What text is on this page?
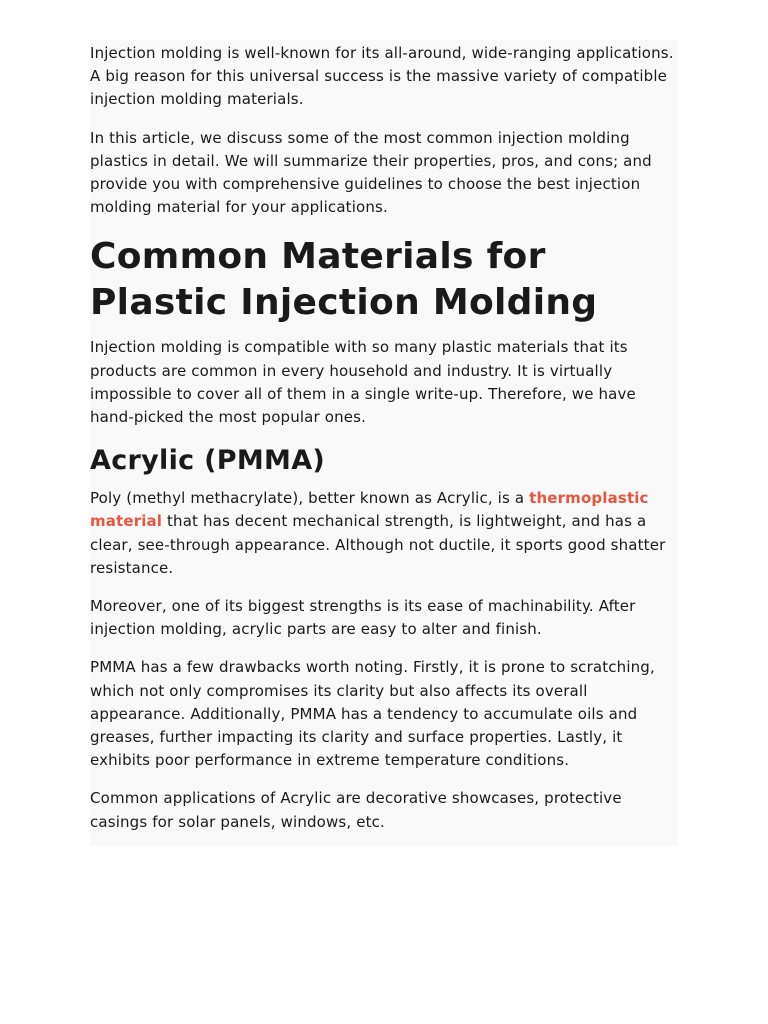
Injection molding is well-known for its all-around, wide-ranging applications. A big reason for this universal success is the massive variety of compatible injection molding materials.

In this article, we discuss some of the most common injection molding plastics in detail. We will summarize their properties, pros, and cons; and provide you with comprehensive guidelines to choose the best injection molding material for your applications.

Common Materials for Plastic Injection Molding

Injection molding is compatible with so many plastic materials that its products are common in every household and industry. It is virtually impossible to cover all of them in a single write-up. Therefore, we have hand-picked the most popular ones.

Acrylic (PMMA)

Poly (methyl methacrylate), better known as Acrylic, is a thermoplastic material that has decent mechanical strength, is lightweight, and has a clear, see-through appearance. Although not ductile, it sports good shatter resistance.

Moreover, one of its biggest strengths is its ease of machinability. After injection molding, acrylic parts are easy to alter and finish.

PMMA has a few drawbacks worth noting. Firstly, it is prone to scratching, which not only compromises its clarity but also affects its overall appearance. Additionally, PMMA has a tendency to accumulate oils and greases, further impacting its clarity and surface properties. Lastly, it exhibits poor performance in extreme temperature conditions.

Common applications of Acrylic are decorative showcases, protective casings for solar panels, windows, etc.
